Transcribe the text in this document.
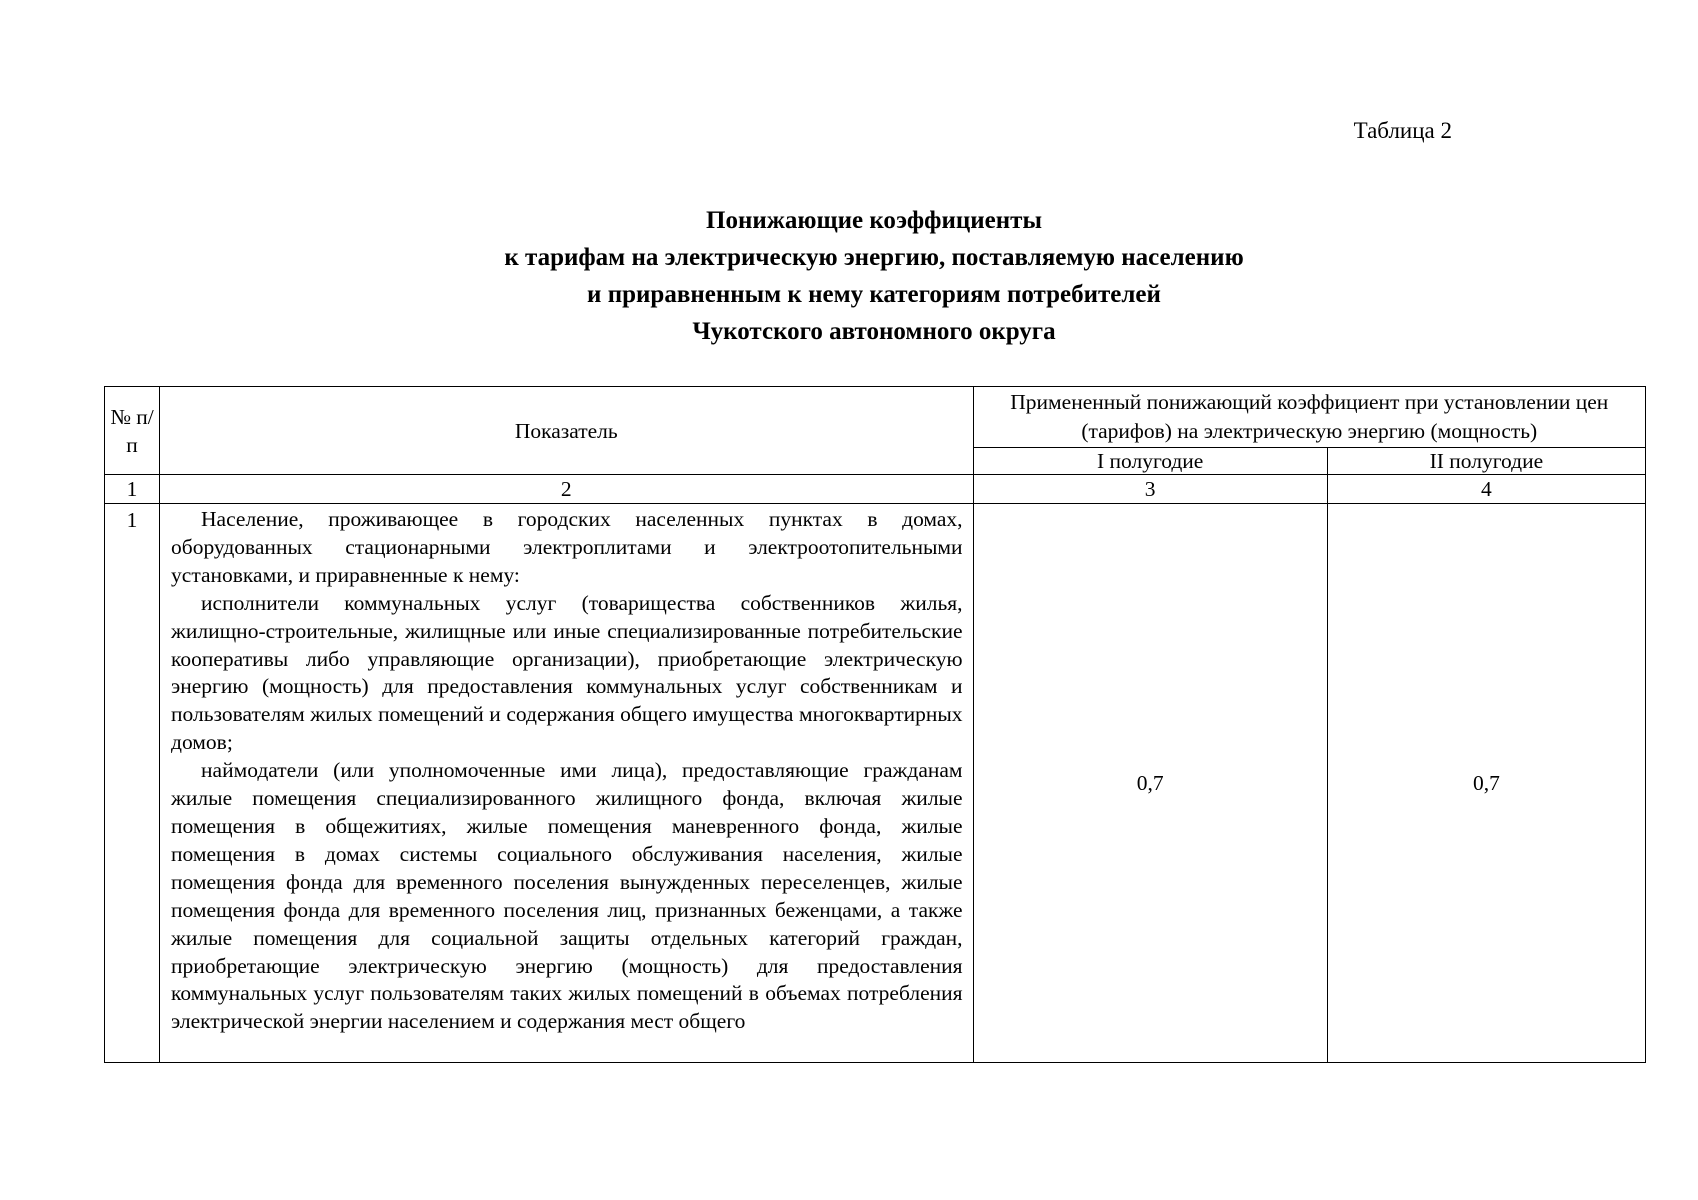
Таблица 2
Понижающие коэффициенты
к тарифам на электрическую энергию, поставляемую населению
и приравненным к нему категориям потребителей
Чукотского автономного округа
№ п/п	Показатель	Примененный понижающий коэффициент при установлении цен (тарифов) на электрическую энергию (мощность)	

		I полугодие	II полугодие
1	2	3	4
1	Население, проживающее в городских населенных пунктах в домах, оборудованных стационарными электроплитами и электроотопительными установками, и приравненные к нему:

исполнители коммунальных услуг (товарищества собственников жилья, жилищно-строительные, жилищные или иные специализированные потребительские кооперативы либо управляющие организации), приобретающие электрическую энергию (мощность) для предоставления коммунальных услуг собственникам и пользователям жилых помещений и содержания общего имущества многоквартирных домов;

наймодатели (или уполномоченные ими лица), предоставляющие гражданам жилые помещения специализированного жилищного фонда, включая жилые помещения в общежитиях, жилые помещения маневренного фонда, жилые помещения в домах системы социального обслуживания населения, жилые помещения фонда для временного поселения вынужденных переселенцев, жилые помещения фонда для временного поселения лиц, признанных беженцами, а также жилые помещения для социальной защиты отдельных категорий граждан, приобретающие электрическую энергию (мощность) для предоставления коммунальных услуг пользователям таких жилых помещений в объемах потребления электрической энергии населением и содержания мест общего	0,7	0,7
